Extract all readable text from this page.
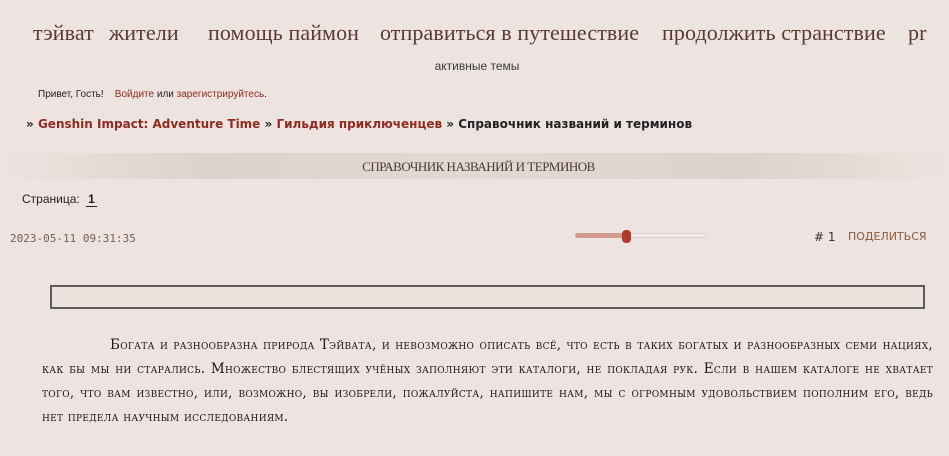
тэйват жители помощь паймон отправиться в путешествие продолжить странствие pr
активные темы
Привет, Гость! Войдите или зарегистрируйтесь.
» Genshin Impact: Adventure Time » Гильдия приключенцев » Справочник названий и терминов
СПРАВОЧНИК НАЗВАНИЙ И ТЕРМИНОВ
Страница: 1
2023-05-11 09:31:35	# 1 ПОДЕЛИТЬСЯ
Богата и разнообразна природа Тэйвата, и невозможно описать всё, что есть в таких богатых и разнообразных семи нациях, как бы мы ни старались. Множество блестящих учёных заполняют эти каталоги, не покладая рук. Если в нашем каталоге не хватает того, что вам известно, или, возможно, вы изобрели, пожалуйста, напишите нам, мы с огромным удовольствием пополним его, ведь нет предела научным исследованиям.
